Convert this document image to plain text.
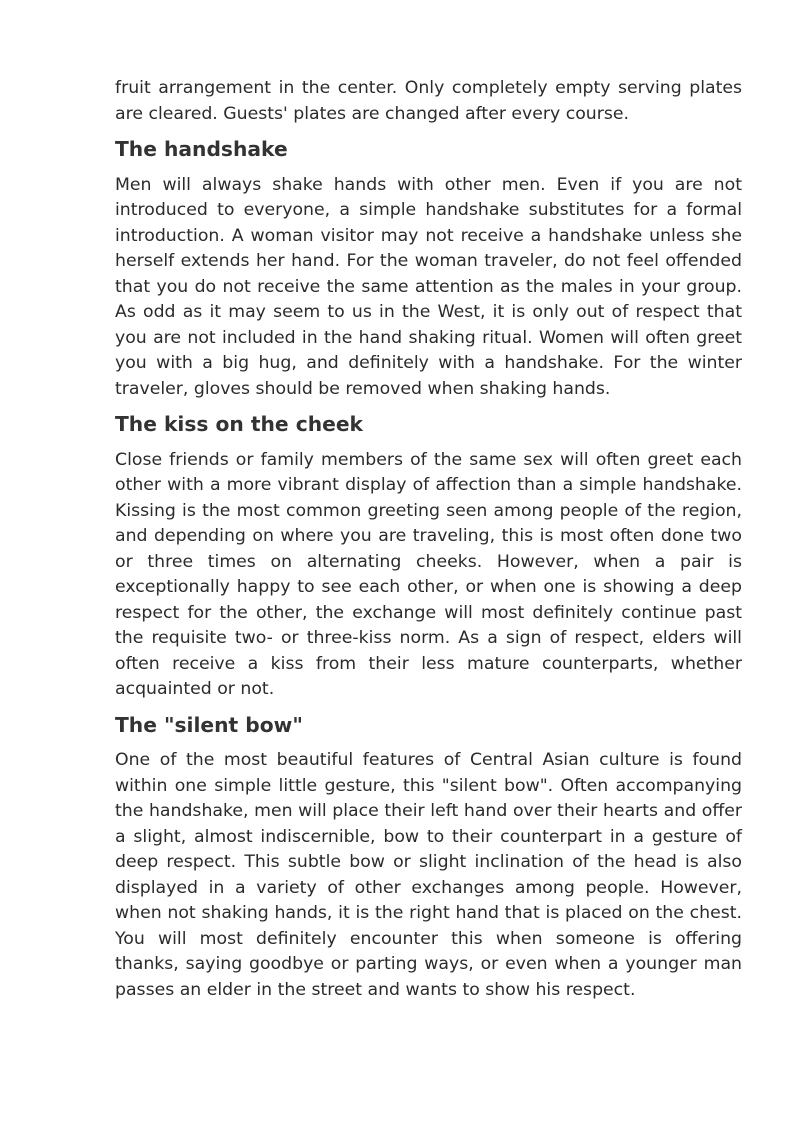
fruit arrangement in the center. Only completely empty serving plates are cleared. Guests' plates are changed after every course.

The handshake

Men will always shake hands with other men. Even if you are not introduced to everyone, a simple handshake substitutes for a formal introduction. A woman visitor may not receive a handshake unless she herself extends her hand. For the woman traveler, do not feel offended that you do not receive the same attention as the males in your group. As odd as it may seem to us in the West, it is only out of respect that you are not included in the hand shaking ritual. Women will often greet you with a big hug, and definitely with a handshake. For the winter traveler, gloves should be removed when shaking hands.

The kiss on the cheek

Close friends or family members of the same sex will often greet each other with a more vibrant display of affection than a simple handshake. Kissing is the most common greeting seen among people of the region, and depending on where you are traveling, this is most often done two or three times on alternating cheeks. However, when a pair is exceptionally happy to see each other, or when one is showing a deep respect for the other, the exchange will most definitely continue past the requisite two- or three-kiss norm. As a sign of respect, elders will often receive a kiss from their less mature counterparts, whether acquainted or not.

The "silent bow"

One of the most beautiful features of Central Asian culture is found within one simple little gesture, this "silent bow". Often accompanying the handshake, men will place their left hand over their hearts and offer a slight, almost indiscernible, bow to their counterpart in a gesture of deep respect. This subtle bow or slight inclination of the head is also displayed in a variety of other exchanges among people. However, when not shaking hands, it is the right hand that is placed on the chest. You will most definitely encounter this when someone is offering thanks, saying goodbye or parting ways, or even when a younger man passes an elder in the street and wants to show his respect.
